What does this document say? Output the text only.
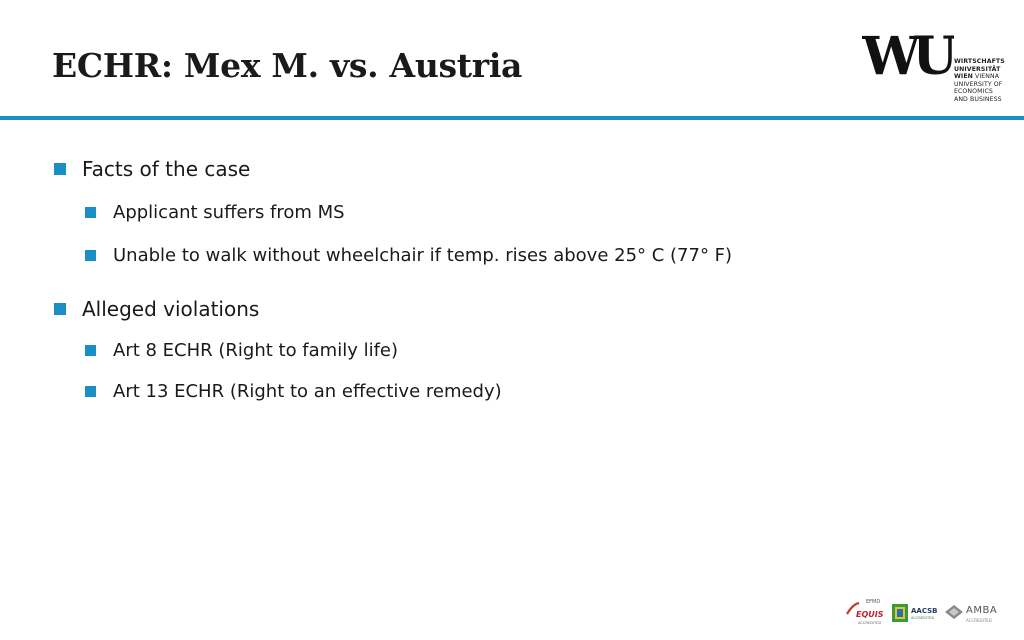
ECHR: Mex M. vs. Austria	WU WIRTSCHAFTS
UNIVERSITÄT
WIEN VIENNA
UNIVERSITY OF
ECONOMICS
AND BUSINESS
Facts of the case
Applicant suffers from MS
Unable to walk without wheelchair if temp. rises above 25° C (77° F)
Alleged violations
Art 8 ECHR (Right to family life)
Art 13 ECHR (Right to an effective remedy)
EFMD
EQUIS
ACCREDITED
AACSB
ACCREDITED
AMBA
ACCREDITED
